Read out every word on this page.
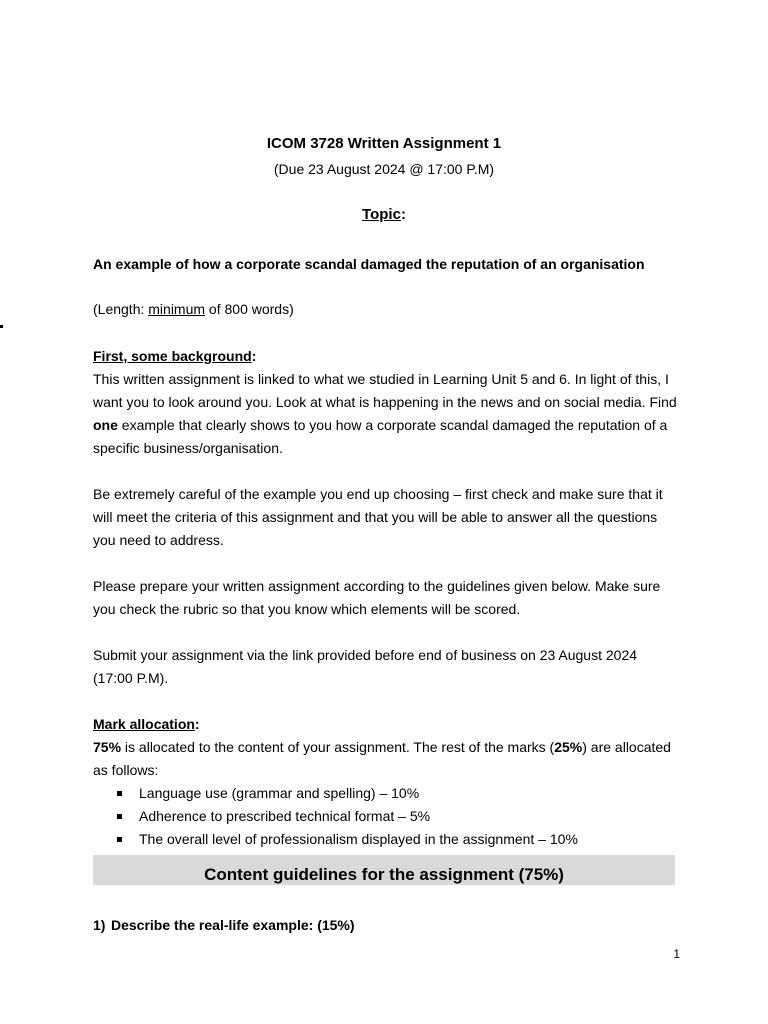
ICOM 3728 Written Assignment 1
(Due 23 August 2024 @ 17:00 P.M)
Topic:
An example of how a corporate scandal damaged the reputation of an organisation
(Length: minimum of 800 words)
First, some background:
This written assignment is linked to what we studied in Learning Unit 5 and 6. In light of this, I want you to look around you. Look at what is happening in the news and on social media. Find one example that clearly shows to you how a corporate scandal damaged the reputation of a specific business/organisation.
Be extremely careful of the example you end up choosing – first check and make sure that it will meet the criteria of this assignment and that you will be able to answer all the questions you need to address.
Please prepare your written assignment according to the guidelines given below. Make sure you check the rubric so that you know which elements will be scored.
Submit your assignment via the link provided before end of business on 23 August 2024 (17:00 P.M).
Mark allocation:
75% is allocated to the content of your assignment. The rest of the marks (25%) are allocated as follows:
Language use (grammar and spelling) – 10%
Adherence to prescribed technical format – 5%
The overall level of professionalism displayed in the assignment – 10%
Content guidelines for the assignment (75%)
1) Describe the real-life example: (15%)
1
